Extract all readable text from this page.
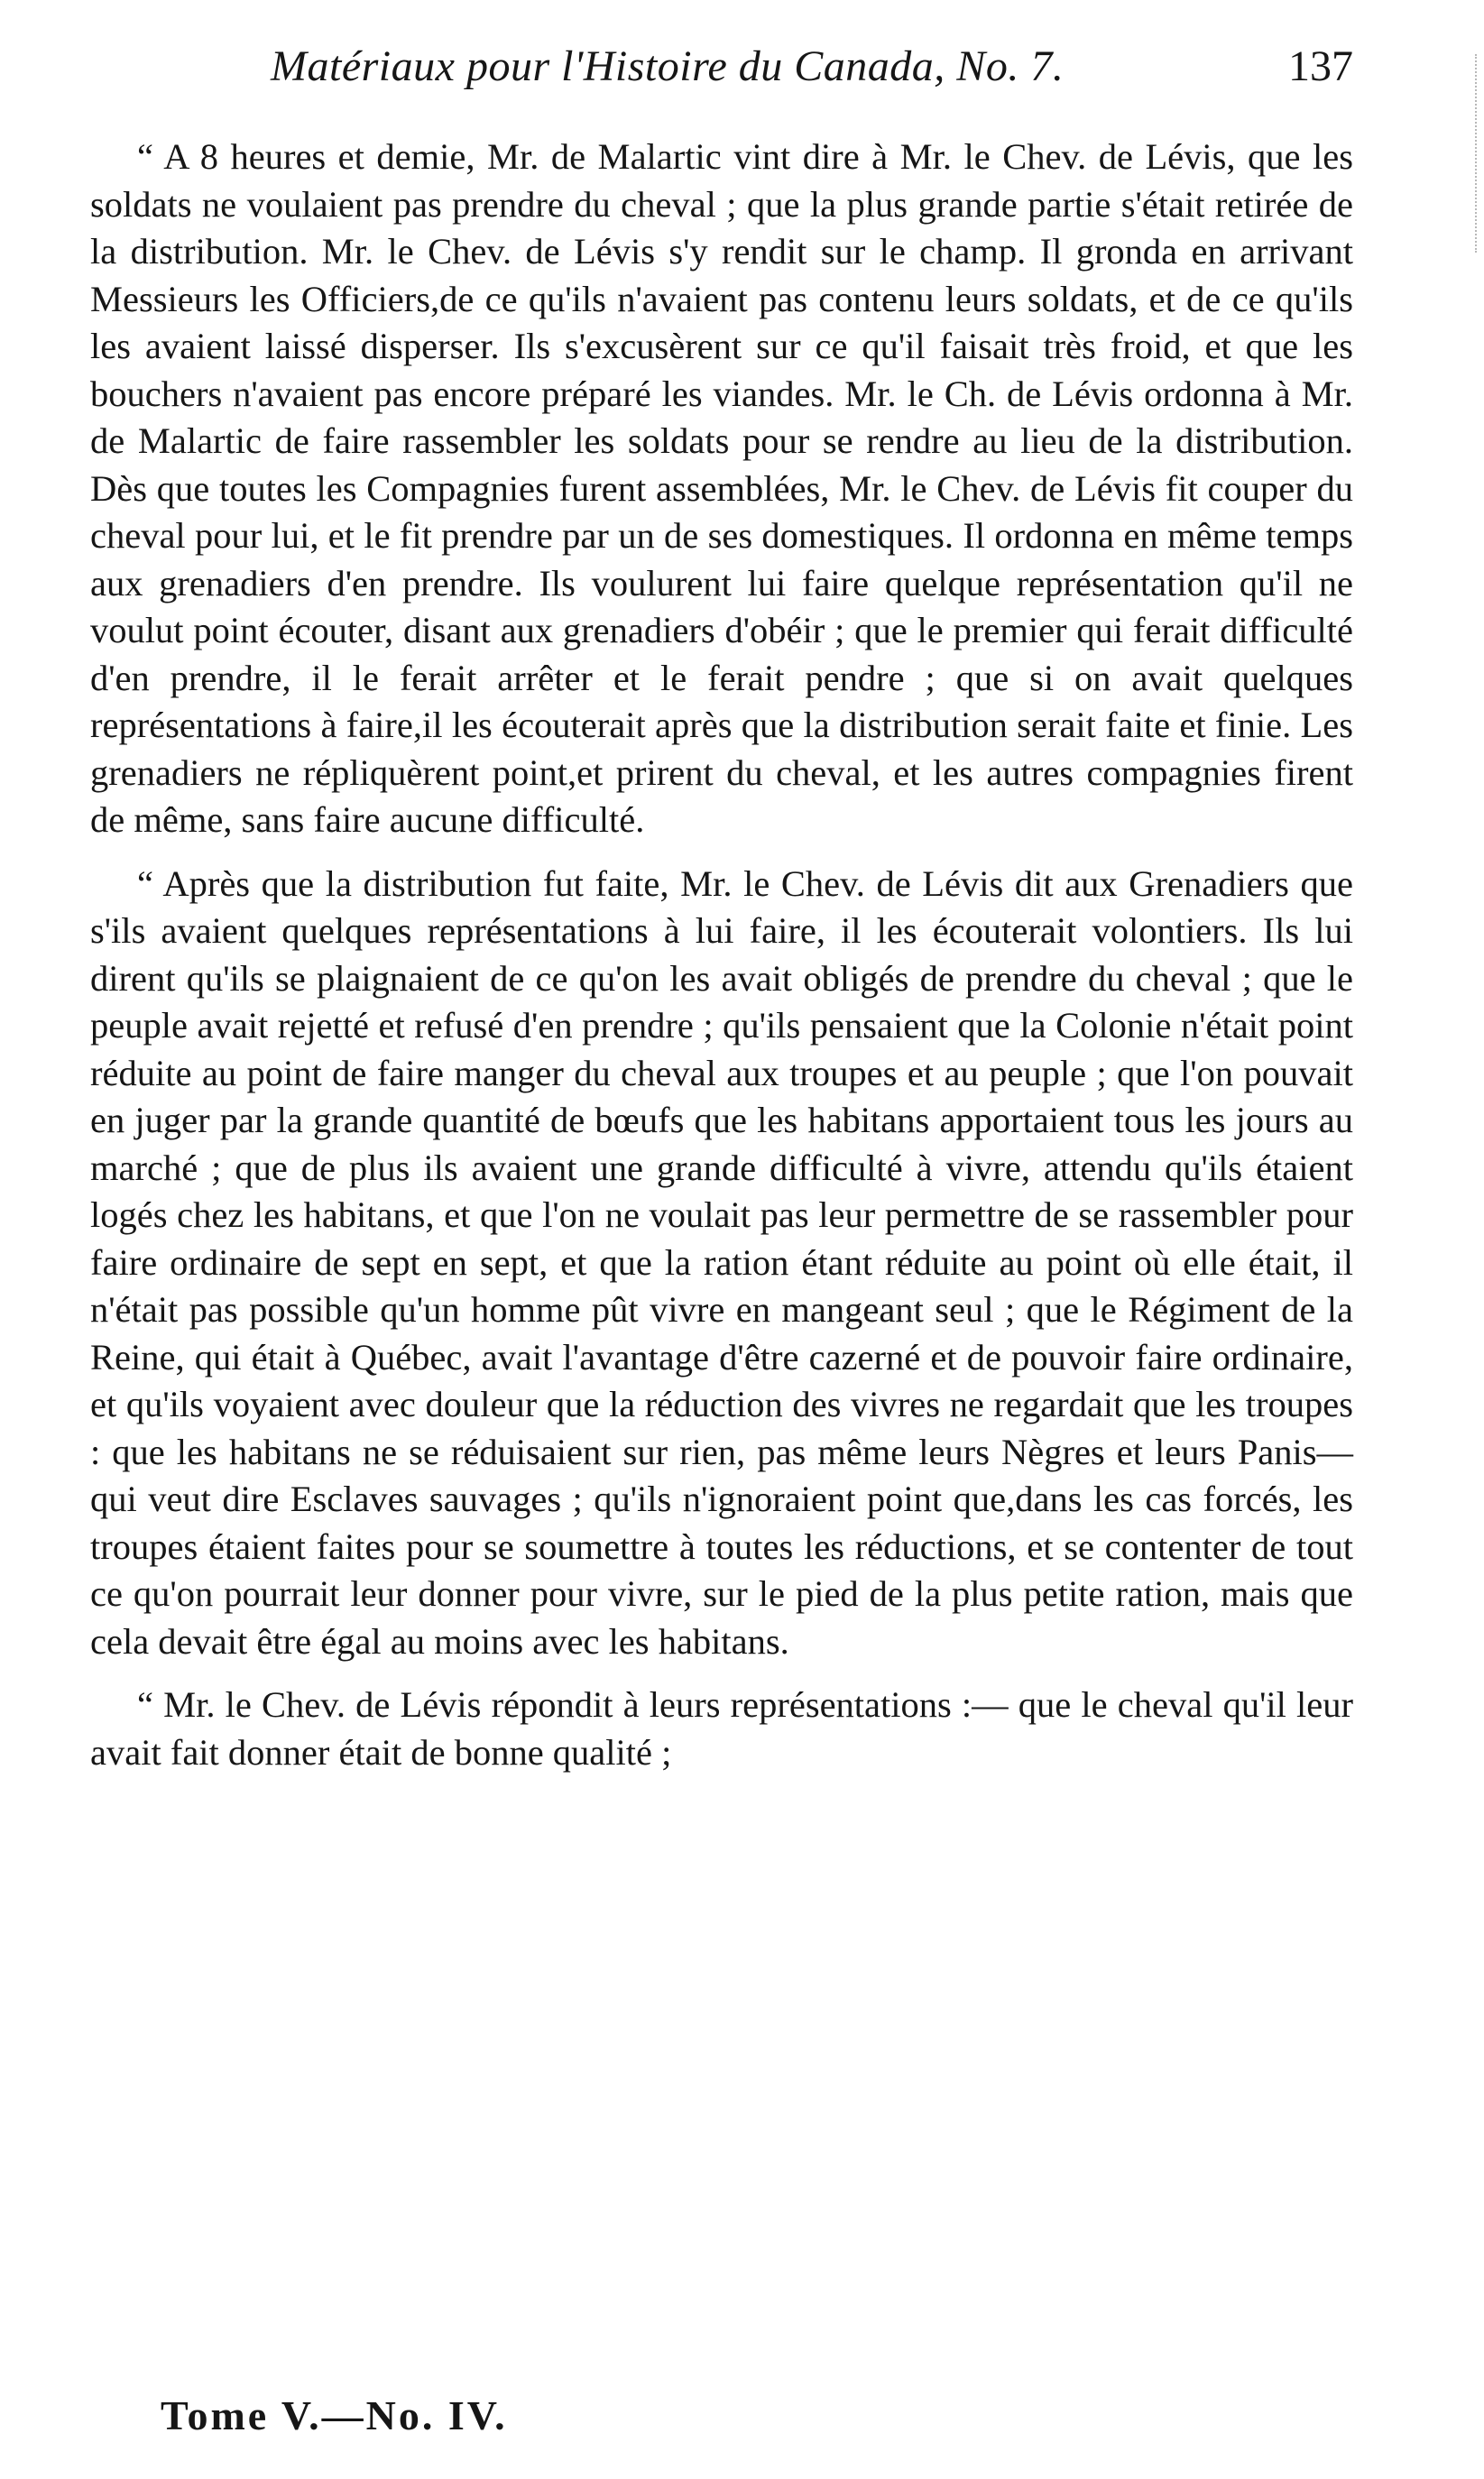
Matériaux pour l'Histoire du Canada, No. 7.	137

“ A 8 heures et demie, Mr. de Malartic vint dire à Mr. le Chev. de Lévis, que les soldats ne voulaient pas prendre du cheval ; que la plus grande partie s'était retirée de la distribution. Mr. le Chev. de Lévis s'y rendit sur le champ. Il gronda en arrivant Messieurs les Officiers,de ce qu'ils n'avaient pas contenu leurs soldats, et de ce qu'ils les avaient laissé disperser. Ils s'excusèrent sur ce qu'il faisait très froid, et que les bouchers n'avaient pas encore préparé les viandes. Mr. le Ch. de Lévis ordonna à Mr. de Malartic de faire rassembler les soldats pour se rendre au lieu de la distribution. Dès que toutes les Compagnies furent assemblées, Mr. le Chev. de Lévis fit couper du cheval pour lui, et le fit prendre par un de ses domestiques. Il ordonna en même temps aux grenadiers d'en prendre. Ils voulurent lui faire quelque représentation qu'il ne voulut point écouter, disant aux grenadiers d'obéir ; que le premier qui ferait difficulté d'en prendre, il le ferait arrêter et le ferait pendre ; que si on avait quelques représentations à faire,il les écouterait après que la distribution serait faite et finie. Les grenadiers ne répliquèrent point,et prirent du cheval, et les autres compagnies firent de même, sans faire aucune difficulté.

“ Après que la distribution fut faite, Mr. le Chev. de Lévis dit aux Grenadiers que s'ils avaient quelques représentations à lui faire, il les écouterait volontiers. Ils lui dirent qu'ils se plaignaient de ce qu'on les avait obligés de prendre du cheval ; que le peuple avait rejetté et refusé d'en prendre ; qu'ils pensaient que la Colonie n'était point réduite au point de faire manger du cheval aux troupes et au peuple ; que l'on pouvait en juger par la grande quantité de bœufs que les habitans apportaient tous les jours au marché ; que de plus ils avaient une grande difficulté à vivre, attendu qu'ils étaient logés chez les habitans, et que l'on ne voulait pas leur permettre de se rassembler pour faire ordinaire de sept en sept, et que la ration étant réduite au point où elle était, il n'était pas possible qu'un homme pût vivre en mangeant seul ; que le Régiment de la Reine, qui était à Québec, avait l'avantage d'être cazerné et de pouvoir faire ordinaire, et qu'ils voyaient avec douleur que la réduction des vivres ne regardait que les troupes : que les habitans ne se réduisaient sur rien, pas même leurs Nègres et leurs Panis—qui veut dire Esclaves sauvages ; qu'ils n'ignoraient point que,dans les cas forcés, les troupes étaient faites pour se soumettre à toutes les réductions, et se contenter de tout ce qu'on pourrait leur donner pour vivre, sur le pied de la plus petite ration, mais que cela devait être égal au moins avec les habitans.

“ Mr. le Chev. de Lévis répondit à leurs représentations :— que le cheval qu'il leur avait fait donner était de bonne qualité ;

Tome V.—No. IV.
